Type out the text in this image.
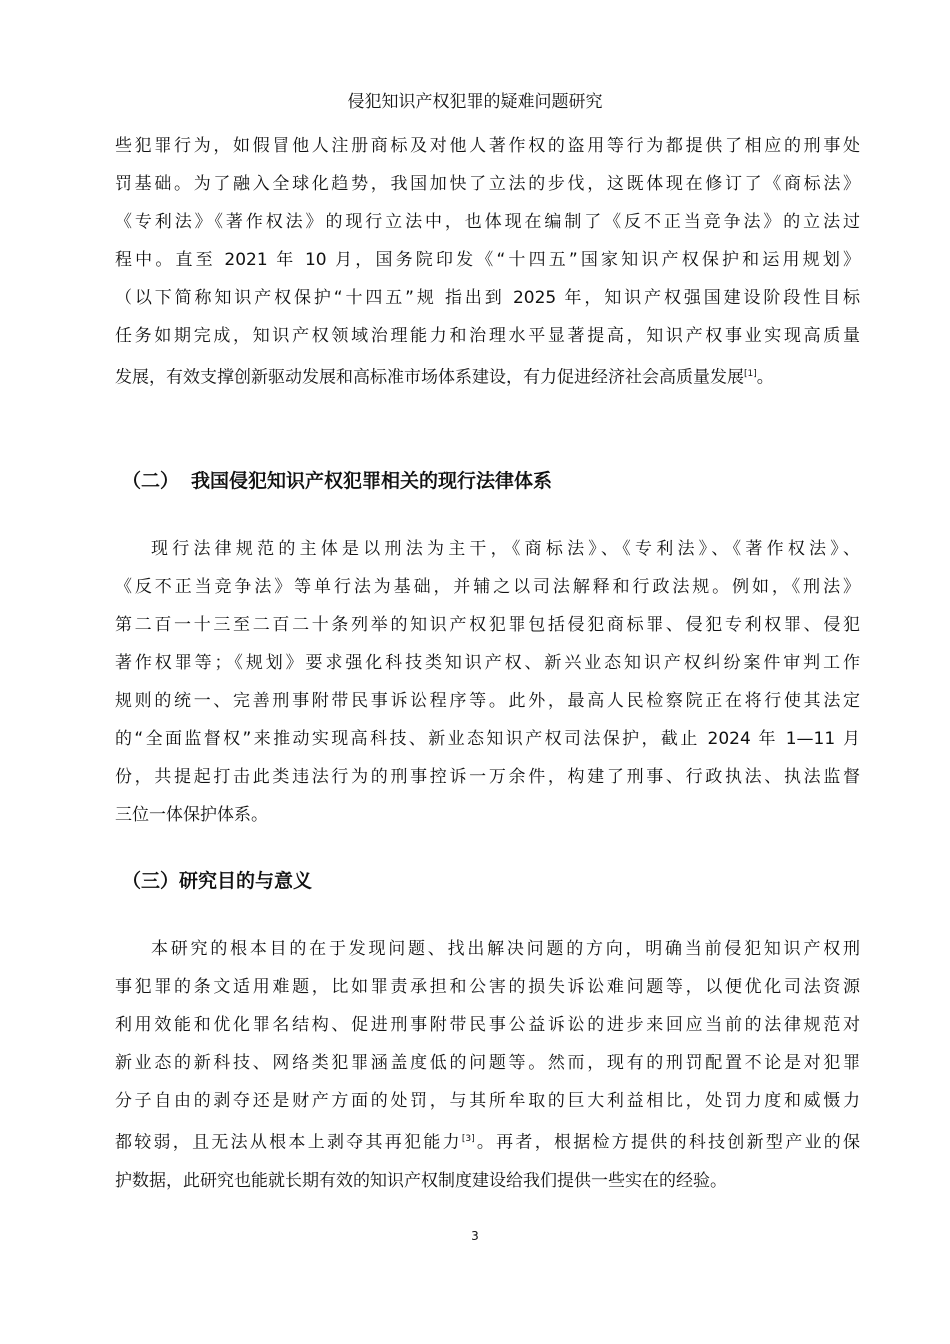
侵犯知识产权犯罪的疑难问题研究
些犯罪行为，如假冒他人注册商标及对他人著作权的盗用等行为都提供了相应的刑事处
罚基础。为了融入全球化趋势，我国加快了立法的步伐，这既体现在修订了《商标法》
《专利法》《著作权法》的现行立法中，也体现在编制了《反不正当竞争法》的立法过
程中。直至 2021 年 10 月，国务院印发《“十四五”国家知识产权保护和运用规划》
（以下简称知识产权保护“十四五”规 指出到 2025 年，知识产权强国建设阶段性目标
任务如期完成，知识产权领域治理能力和治理水平显著提高，知识产权事业实现高质量
发展，有效支撑创新驱动发展和高标准市场体系建设，有力促进经济社会高质量发展[1]。
（二） 我国侵犯知识产权犯罪相关的现行法律体系
现行法律规范的主体是以刑法为主干，《商标法》、《专利法》、《著作权法》、
《反不正当竞争法》等单行法为基础，并辅之以司法解释和行政法规。例如，《刑法》
第二百一十三至二百二十条列举的知识产权犯罪包括侵犯商标罪、侵犯专利权罪、侵犯
著作权罪等；《规划》要求强化科技类知识产权、新兴业态知识产权纠纷案件审判工作
规则的统一、完善刑事附带民事诉讼程序等。此外，最高人民检察院正在将行使其法定
的“全面监督权”来推动实现高科技、新业态知识产权司法保护，截止 2024 年 1—11 月
份，共提起打击此类违法行为的刑事控诉一万余件，构建了刑事、行政执法、执法监督
三位一体保护体系。
（三）研究目的与意义
本研究的根本目的在于发现问题、找出解决问题的方向，明确当前侵犯知识产权刑
事犯罪的条文适用难题，比如罪责承担和公害的损失诉讼难问题等，以便优化司法资源
利用效能和优化罪名结构、促进刑事附带民事公益诉讼的进步来回应当前的法律规范对
新业态的新科技、网络类犯罪涵盖度低的问题等。然而，现有的刑罚配置不论是对犯罪
分子自由的剥夺还是财产方面的处罚，与其所牟取的巨大利益相比，处罚力度和威慑力
都较弱，且无法从根本上剥夺其再犯能力[3]。再者，根据检方提供的科技创新型产业的保
护数据，此研究也能就长期有效的知识产权制度建设给我们提供一些实在的经验。
3
